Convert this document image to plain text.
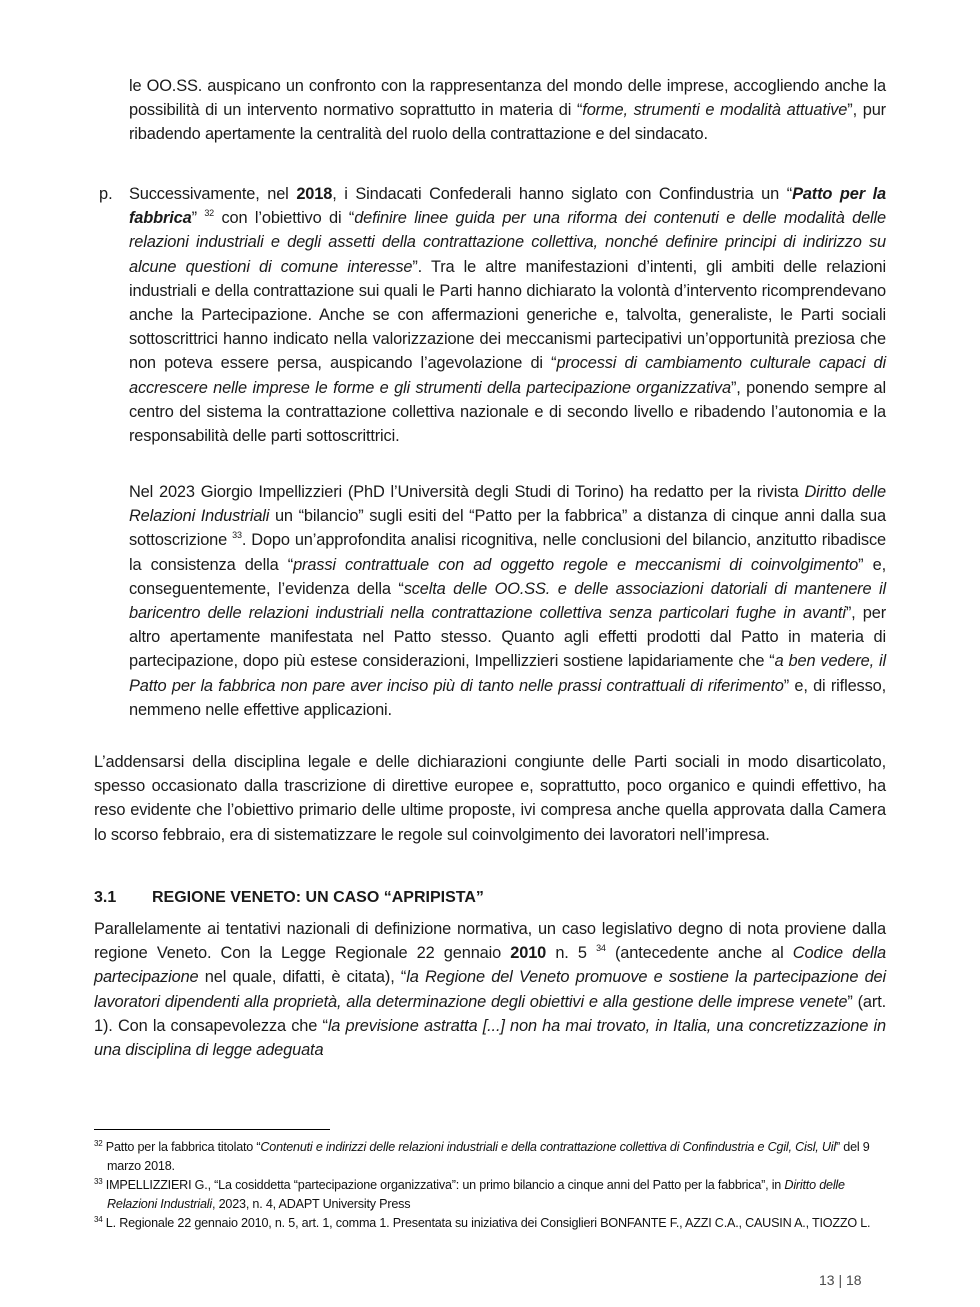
le OO.SS. auspicano un confronto con la rappresentanza del mondo delle imprese, accogliendo anche la possibilità di un intervento normativo soprattutto in materia di “forme, strumenti e modalità attuative”, pur ribadendo apertamente la centralità del ruolo della contrattazione e del sindacato.
p. Successivamente, nel 2018, i Sindacati Confederali hanno siglato con Confindustria un “Patto per la fabbrica” $^{32}$ con l’obiettivo di “definire linee guida per una riforma dei contenuti e delle modalità delle relazioni industriali e degli assetti della contrattazione collettiva, nonché definire principi di indirizzo su alcune questioni di comune interesse”. Tra le altre manifestazioni d’intenti, gli ambiti delle relazioni industriali e della contrattazione sui quali le Parti hanno dichiarato la volontà d’intervento ricomprendevano anche la Partecipazione. Anche se con affermazioni generiche e, talvolta, generaliste, le Parti sociali sottoscrittrici hanno indicato nella valorizzazione dei meccanismi partecipativi un’opportunità preziosa che non poteva essere persa, auspicando l’agevolazione di “processi di cambiamento culturale capaci di accrescere nelle imprese le forme e gli strumenti della partecipazione organizzativa”, ponendo sempre al centro del sistema la contrattazione collettiva nazionale e di secondo livello e ribadendo l’autonomia e la responsabilità delle parti sottoscrittrici.
Nel 2023 Giorgio Impellizzieri (PhD l’Università degli Studi di Torino) ha redatto per la rivista Diritto delle Relazioni Industriali un “bilancio” sugli esiti del “Patto per la fabbrica” a distanza di cinque anni dalla sua sottoscrizione $^{33}$. Dopo un’approfondita analisi ricognitiva, nelle conclusioni del bilancio, anzitutto ribadisce la consistenza della “prassi contrattuale con ad oggetto regole e meccanismi di coinvolgimento” e, conseguentemente, l’evidenza della “scelta delle OO.SS. e delle associazioni datoriali di mantenere il baricentro delle relazioni industriali nella contrattazione collettiva senza particolari fughe in avanti”, per altro apertamente manifestata nel Patto stesso. Quanto agli effetti prodotti dal Patto in materia di partecipazione, dopo più estese considerazioni, Impellizzieri sostiene lapidariamente che “a ben vedere, il Patto per la fabbrica non pare aver inciso più di tanto nelle prassi contrattuali di riferimento” e, di riflesso, nemmeno nelle effettive applicazioni.
L’addensarsi della disciplina legale e delle dichiarazioni congiunte delle Parti sociali in modo disarticolato, spesso occasionato dalla trascrizione di direttive europee e, soprattutto, poco organico e quindi effettivo, ha reso evidente che l’obiettivo primario delle ultime proposte, ivi compresa anche quella approvata dalla Camera lo scorso febbraio, era di sistematizzare le regole sul coinvolgimento dei lavoratori nell’impresa.
3.1 REGIONE VENETO: UN CASO “APRIPISTA”
Parallelamente ai tentativi nazionali di definizione normativa, un caso legislativo degno di nota proviene dalla regione Veneto. Con la Legge Regionale 22 gennaio 2010 n. 5 $^{34}$ (antecedente anche al Codice della partecipazione nel quale, difatti, è citata), “la Regione del Veneto promuove e sostiene la partecipazione dei lavoratori dipendenti alla proprietà, alla determinazione degli obiettivi e alla gestione delle imprese venete” (art. 1). Con la consapevolezza che “la previsione astratta [...] non ha mai trovato, in Italia, una concretizzazione in una disciplina di legge adeguata
$^{32}$ Patto per la fabbrica titolato “Contenuti e indirizzi delle relazioni industriali e della contrattazione collettiva di Confindustria e Cgil, Cisl, Uil” del 9 marzo 2018.
$^{33}$ IMPELLIZZIERI G., “La cosiddetta “partecipazione organizzativa”: un primo bilancio a cinque anni del Patto per la fabbrica”, in Diritto delle Relazioni Industriali, 2023, n. 4, ADAPT University Press
$^{34}$ L. Regionale 22 gennaio 2010, n. 5, art. 1, comma 1. Presentata su iniziativa dei Consiglieri BONFANTE F., AZZI C.A., CAUSIN A., TIOZZO L.
13 | 18
